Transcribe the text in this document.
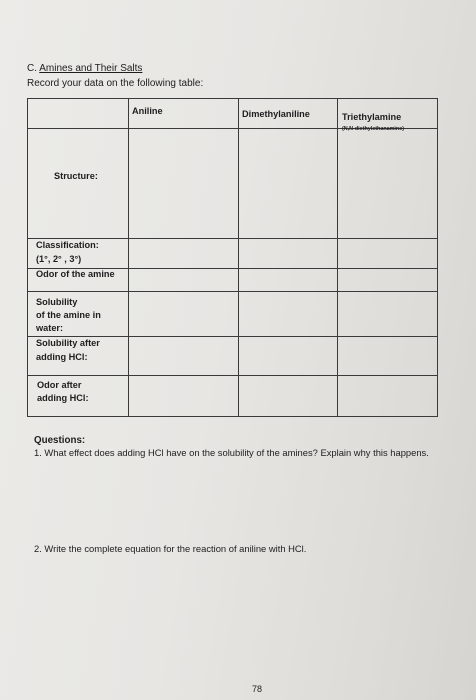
C. Amines and Their Salts
Record your data on the following table:
Aniline	Dimethylaniline	Triethylamine
(N,N-diethylethanamine)
Structure:
Classification:
(1°, 2° , 3°)
Odor of the amine
Solubility
of the amine in
water:
Solubility after
adding HCl:
Odor after
adding HCl:
Questions:
1. What effect does adding HCl have on the solubility of the amines? Explain why this happens.
2. Write the complete equation for the reaction of aniline with HCl.
78
